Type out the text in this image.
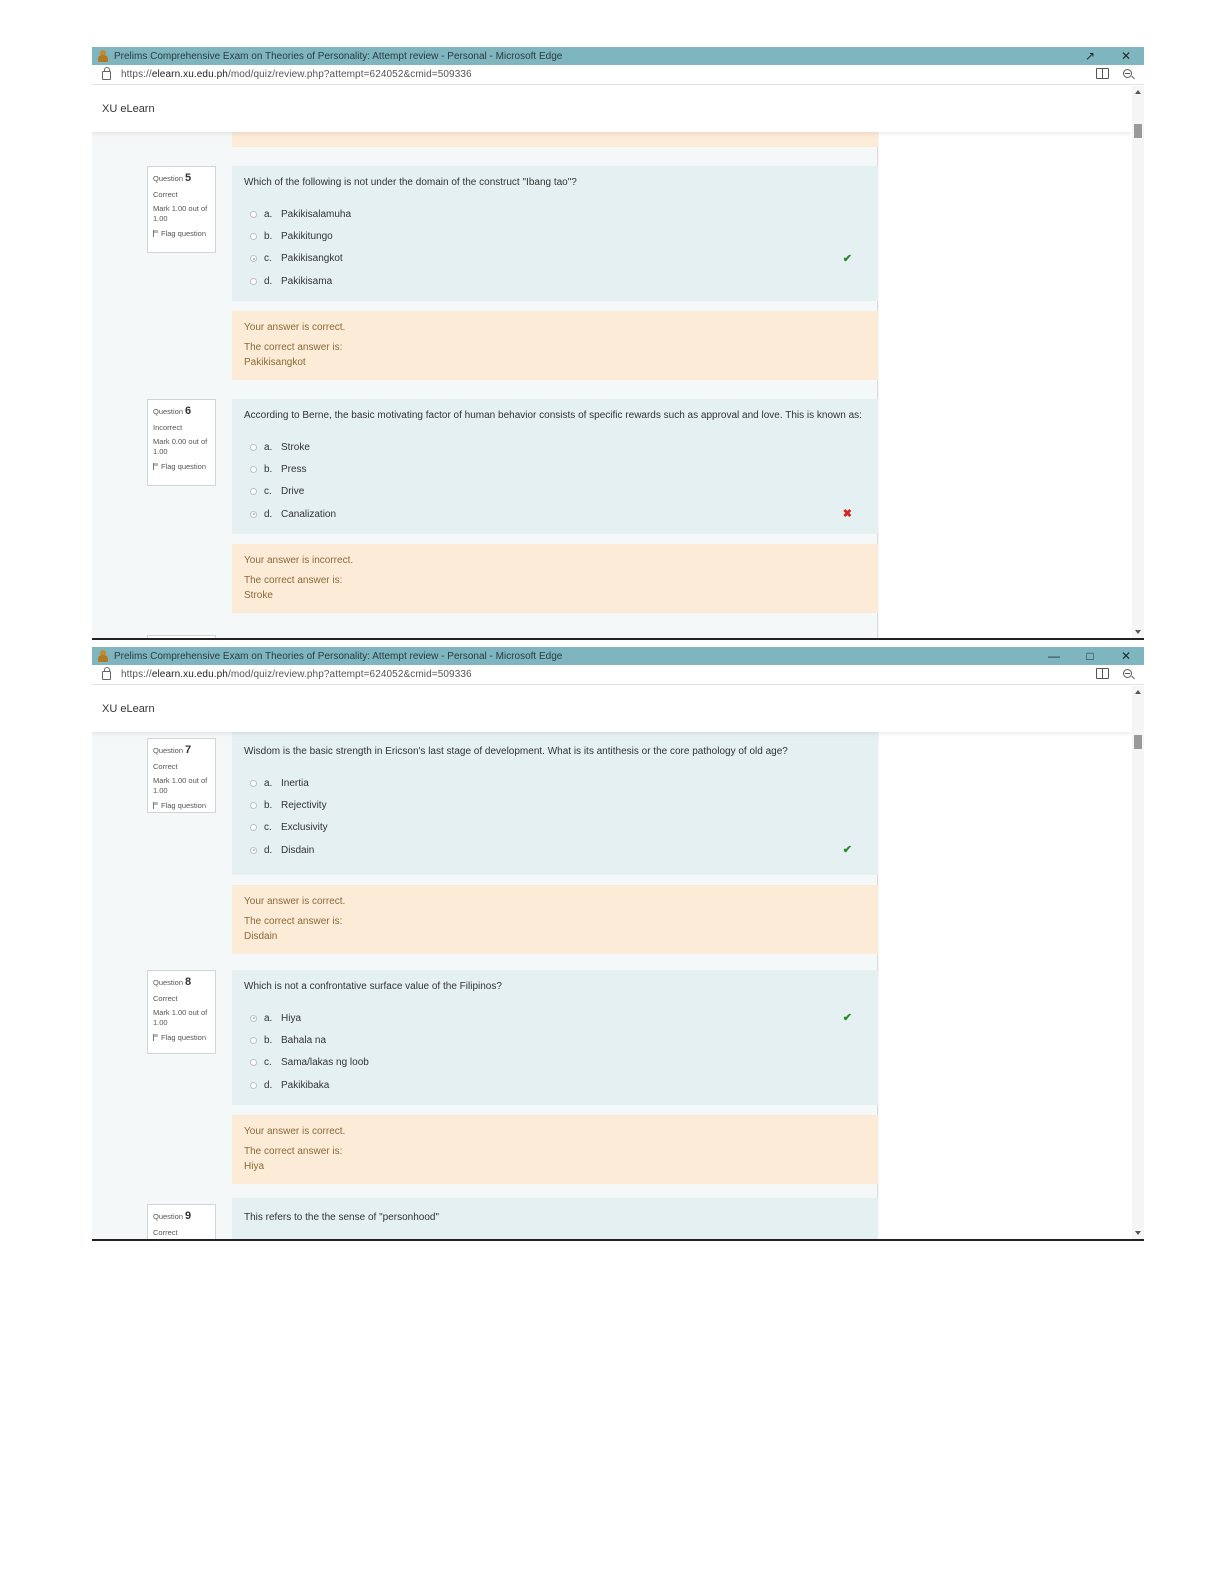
Prelims Comprehensive Exam on Theories of Personality: Attempt review - Personal - Microsoft Edge	↗	✕
https://elearn.xu.edu.ph/mod/quiz/review.php?attempt=624052&cmid=509336
XU eLearn
Question 5
Correct
Mark 1.00 out of 1.00
Flag question
Which of the following is not under the domain of the construct "Ibang tao"?
a. Pakikisalamuha
b. Pakikitungo
c. Pakikisangkot	✔
d. Pakikisama
Your answer is correct.
The correct answer is:
Pakikisangkot
Question 6
Incorrect
Mark 0.00 out of 1.00
Flag question
According to Berne, the basic motivating factor of human behavior consists of specific rewards such as approval and love. This is known as:
a. Stroke
b. Press
c. Drive
d. Canalization	✖
Your answer is incorrect.
The correct answer is:
Stroke
Prelims Comprehensive Exam on Theories of Personality: Attempt review - Personal - Microsoft Edge	—	□	✕
https://elearn.xu.edu.ph/mod/quiz/review.php?attempt=624052&cmid=509336
XU eLearn
Question 7
Correct
Mark 1.00 out of 1.00
Flag question
Wisdom is the basic strength in Ericson's last stage of development. What is its antithesis or the core pathology of old age?
a. Inertia
b. Rejectivity
c. Exclusivity
d. Disdain	✔
Your answer is correct.
The correct answer is:
Disdain
Question 8
Correct
Mark 1.00 out of 1.00
Flag question
Which is not a confrontative surface value of the Filipinos?
a. Hiya	✔
b. Bahala na
c. Sama/lakas ng loob
d. Pakikibaka
Your answer is correct.
The correct answer is:
Hiya
Question 9
Correct
This refers to the the sense of "personhood"
